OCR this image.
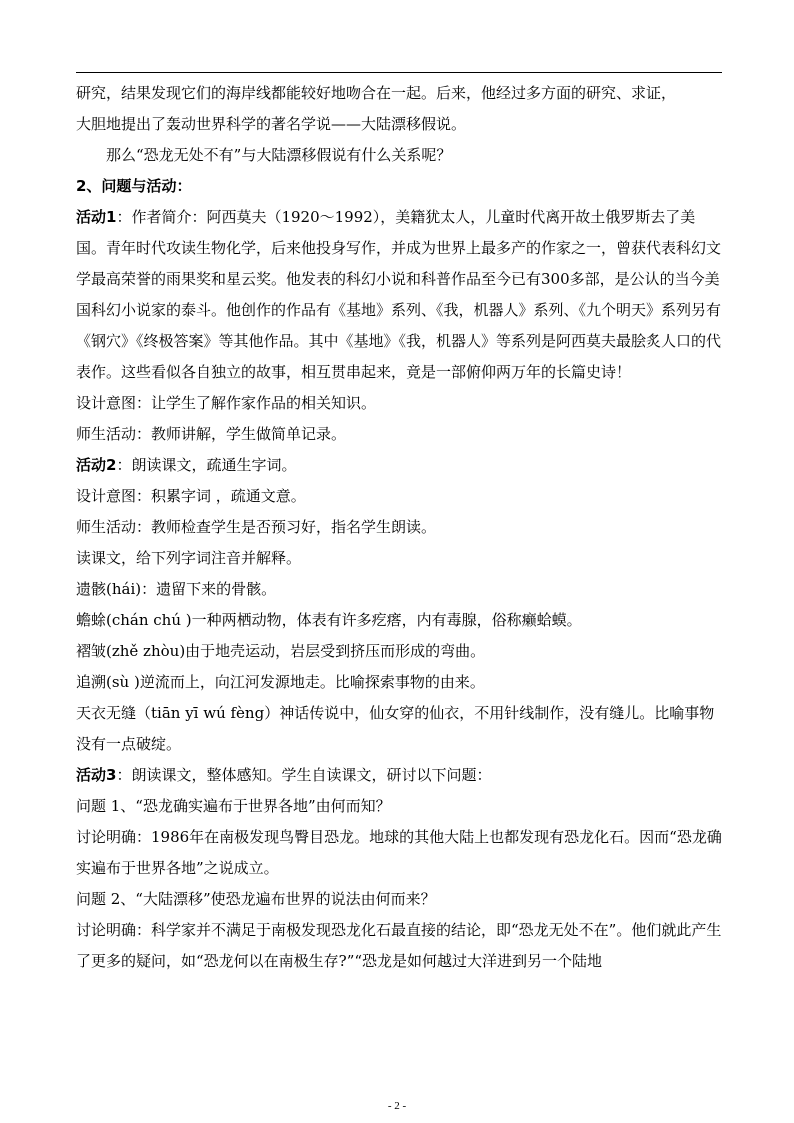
研究，结果发现它们的海岸线都能较好地吻合在一起。后来，他经过多方面的研究、求证，
大胆地提出了轰动世界科学的著名学说——大陆漂移假说。
那么“恐龙无处不有”与大陆漂移假说有什么关系呢？
2、问题与活动：
活动1：作者简介：阿西莫夫（1920～1992），美籍犹太人，儿童时代离开故土俄罗斯去了美国。青年时代攻读生物化学，后来他投身写作，并成为世界上最多产的作家之一，曾获代表科幻文学最高荣誉的雨果奖和星云奖。他发表的科幻小说和科普作品至今已有300多部，是公认的当今美国科幻小说家的泰斗。他创作的作品有《基地》系列、《我，机器人》系列、《九个明天》系列另有《钢穴》《终极答案》等其他作品。其中《基地》《我，机器人》等系列是阿西莫夫最脍炙人口的代表作。这些看似各自独立的故事，相互贯串起来，竟是一部俯仰两万年的长篇史诗！
设计意图：让学生了解作家作品的相关知识。
师生活动：教师讲解，学生做简单记录。
活动2：朗读课文，疏通生字词。
设计意图：积累字词 ，疏通文意。
师生活动：教师检查学生是否预习好，指名学生朗读。
读课文，给下列字词注音并解释。
遗骸(hái)：遗留下来的骨骸。
蟾蜍(chán chú )一种两栖动物，体表有许多疙瘩，内有毒腺，俗称癞蛤蟆。
褶皱(zhě zhòu)由于地壳运动，岩层受到挤压而形成的弯曲。
追溯(sù )逆流而上，向江河发源地走。比喻探索事物的由来。
天衣无缝（tiān yī wú fèng）神话传说中，仙女穿的仙衣，不用针线制作，没有缝儿。比喻事物没有一点破绽。
活动3：朗读课文，整体感知。学生自读课文，研讨以下问题：
问题 1、“恐龙确实遍布于世界各地”由何而知？
讨论明确：1986年在南极发现鸟臀目恐龙。地球的其他大陆上也都发现有恐龙化石。因而“恐龙确实遍布于世界各地”之说成立。
问题 2、“大陆漂移”使恐龙遍布世界的说法由何而来？
讨论明确：科学家并不满足于南极发现恐龙化石最直接的结论，即“恐龙无处不在”。他们就此产生了更多的疑问，如“恐龙何以在南极生存?”“恐龙是如何越过大洋进到另一个陆地
- 2 -
